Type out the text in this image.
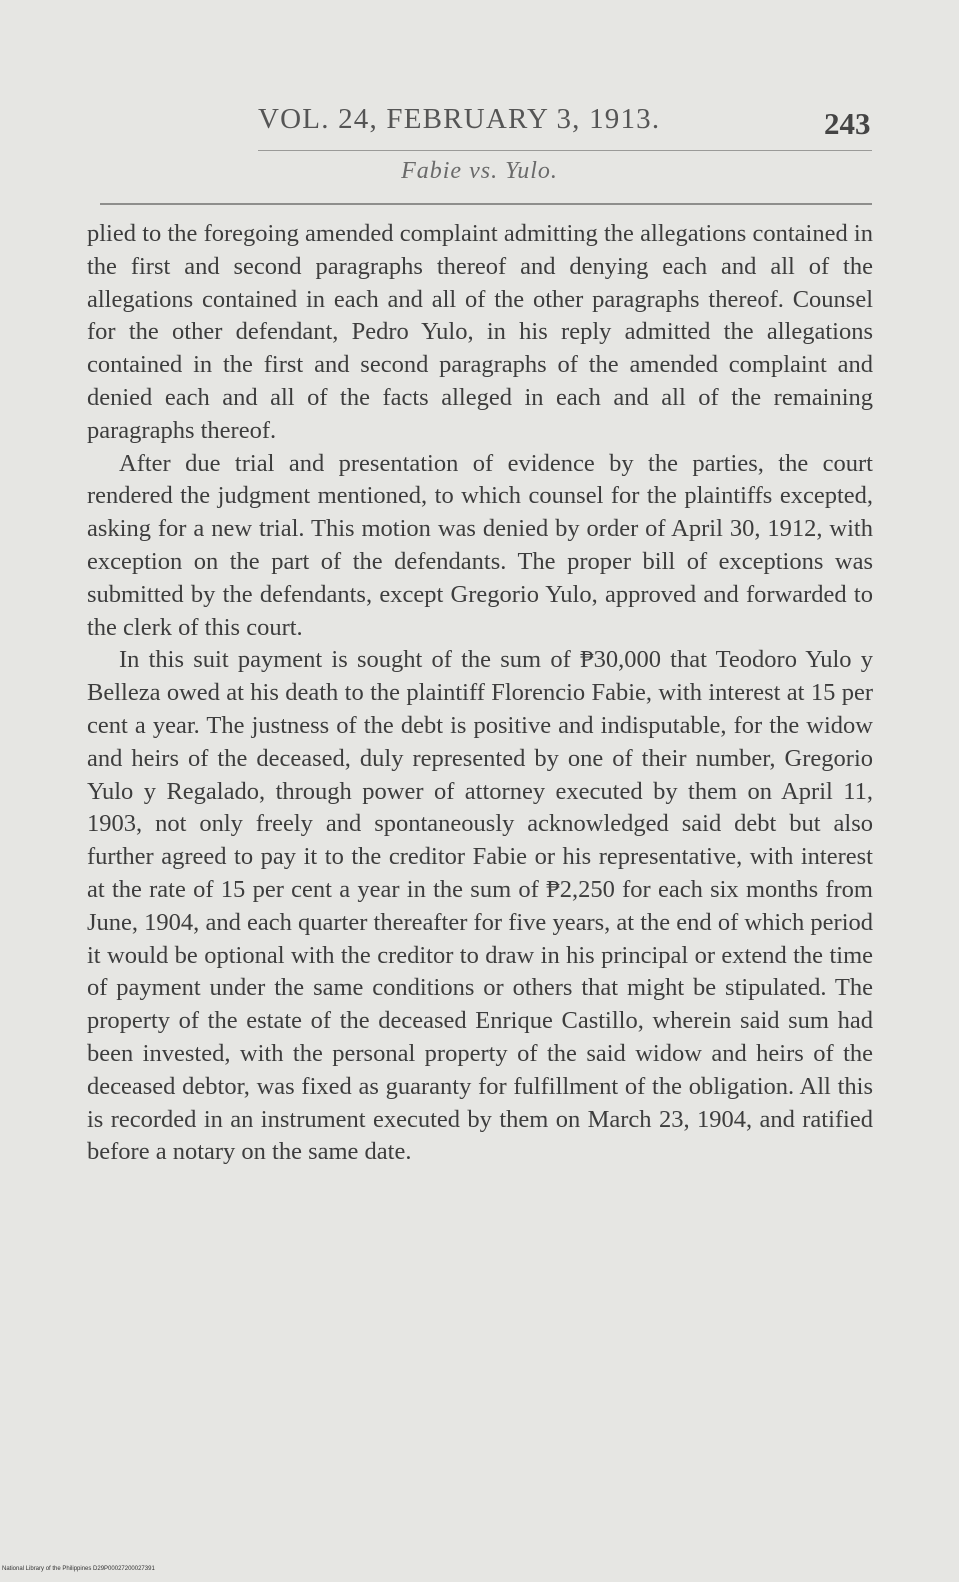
VOL. 24, FEBRUARY 3, 1913.	243
Fabie vs. Yulo.

plied to the foregoing amended complaint admitting the allegations contained in the first and second paragraphs thereof and denying each and all of the allegations contained in each and all of the other paragraphs thereof. Counsel for the other defendant, Pedro Yulo, in his reply admitted the allegations contained in the first and second paragraphs of the amended complaint and denied each and all of the facts alleged in each and all of the remaining paragraphs thereof.

After due trial and presentation of evidence by the parties, the court rendered the judgment mentioned, to which counsel for the plaintiffs excepted, asking for a new trial. This motion was denied by order of April 30, 1912, with exception on the part of the defendants. The proper bill of exceptions was submitted by the defendants, except Gregorio Yulo, approved and forwarded to the clerk of this court.

In this suit payment is sought of the sum of ₱30,000 that Teodoro Yulo y Belleza owed at his death to the plaintiff Florencio Fabie, with interest at 15 per cent a year. The justness of the debt is positive and indisputable, for the widow and heirs of the deceased, duly represented by one of their number, Gregorio Yulo y Regalado, through power of attorney executed by them on April 11, 1903, not only freely and spontaneously acknowledged said debt but also further agreed to pay it to the creditor Fabie or his representative, with interest at the rate of 15 per cent a year in the sum of ₱2,250 for each six months from June, 1904, and each quarter thereafter for five years, at the end of which period it would be optional with the creditor to draw in his principal or extend the time of payment under the same conditions or others that might be stipulated. The property of the estate of the deceased Enrique Castillo, wherein said sum had been invested, with the personal property of the said widow and heirs of the deceased debtor, was fixed as guaranty for fulfillment of the obligation. All this is recorded in an instrument executed by them on March 23, 1904, and ratified before a notary on the same date.

National Library of the Philippines D29P00027200027391
